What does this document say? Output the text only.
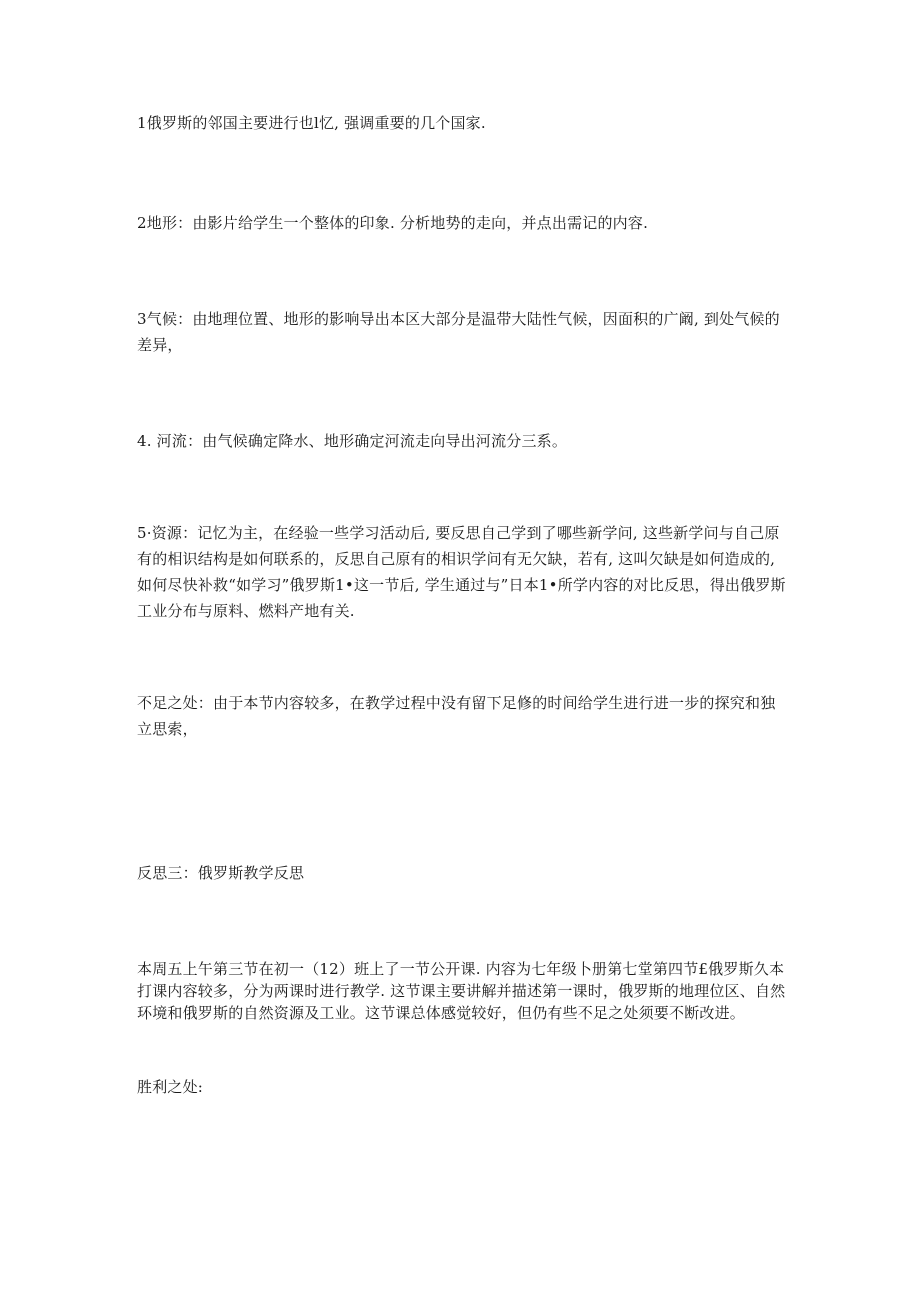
1俄罗斯的邻国主要进行也l忆, 强调重要的几个国家.

2地形：由影片给学生一个整体的印象. 分析地势的走向，并点出需记的内容.

3气候：由地理位置、地形的影响导出本区大部分是温带大陆性气候，因面积的广阚, 到处气候的差异，

4. 河流：由气候确定降水、地形确定河流走向导出河流分三系。

5·资源：记忆为主，在经验一些学习活动后, 要反思自己学到了哪些新学问, 这些新学问与自己原有的相识结构是如何联系的，反思自己原有的相识学问有无欠缺，若有, 这叫欠缺是如何造成的, 如何尽快补救“如学习”俄罗斯1•这一节后, 学生通过与”日本1•所学内容的对比反思，得出俄罗斯工业分布与原料、燃料产地有关.

不足之处：由于本节内容较多，在教学过程中没有留下足修的时间给学生进行进一步的探究和独立思索，

反思三：俄罗斯教学反思

本周五上午第三节在初一（12）班上了一节公开课. 内容为七年级卜册第七堂第四节£俄罗斯久本打课内容较多，分为两课时进行教学. 这节课主要讲解并描述第一课时，俄罗斯的地理位区、自然环境和俄罗斯的自然资源及工业。这节课总体感觉较好，但仍有些不足之处须要不断改进。

胜利之处:
